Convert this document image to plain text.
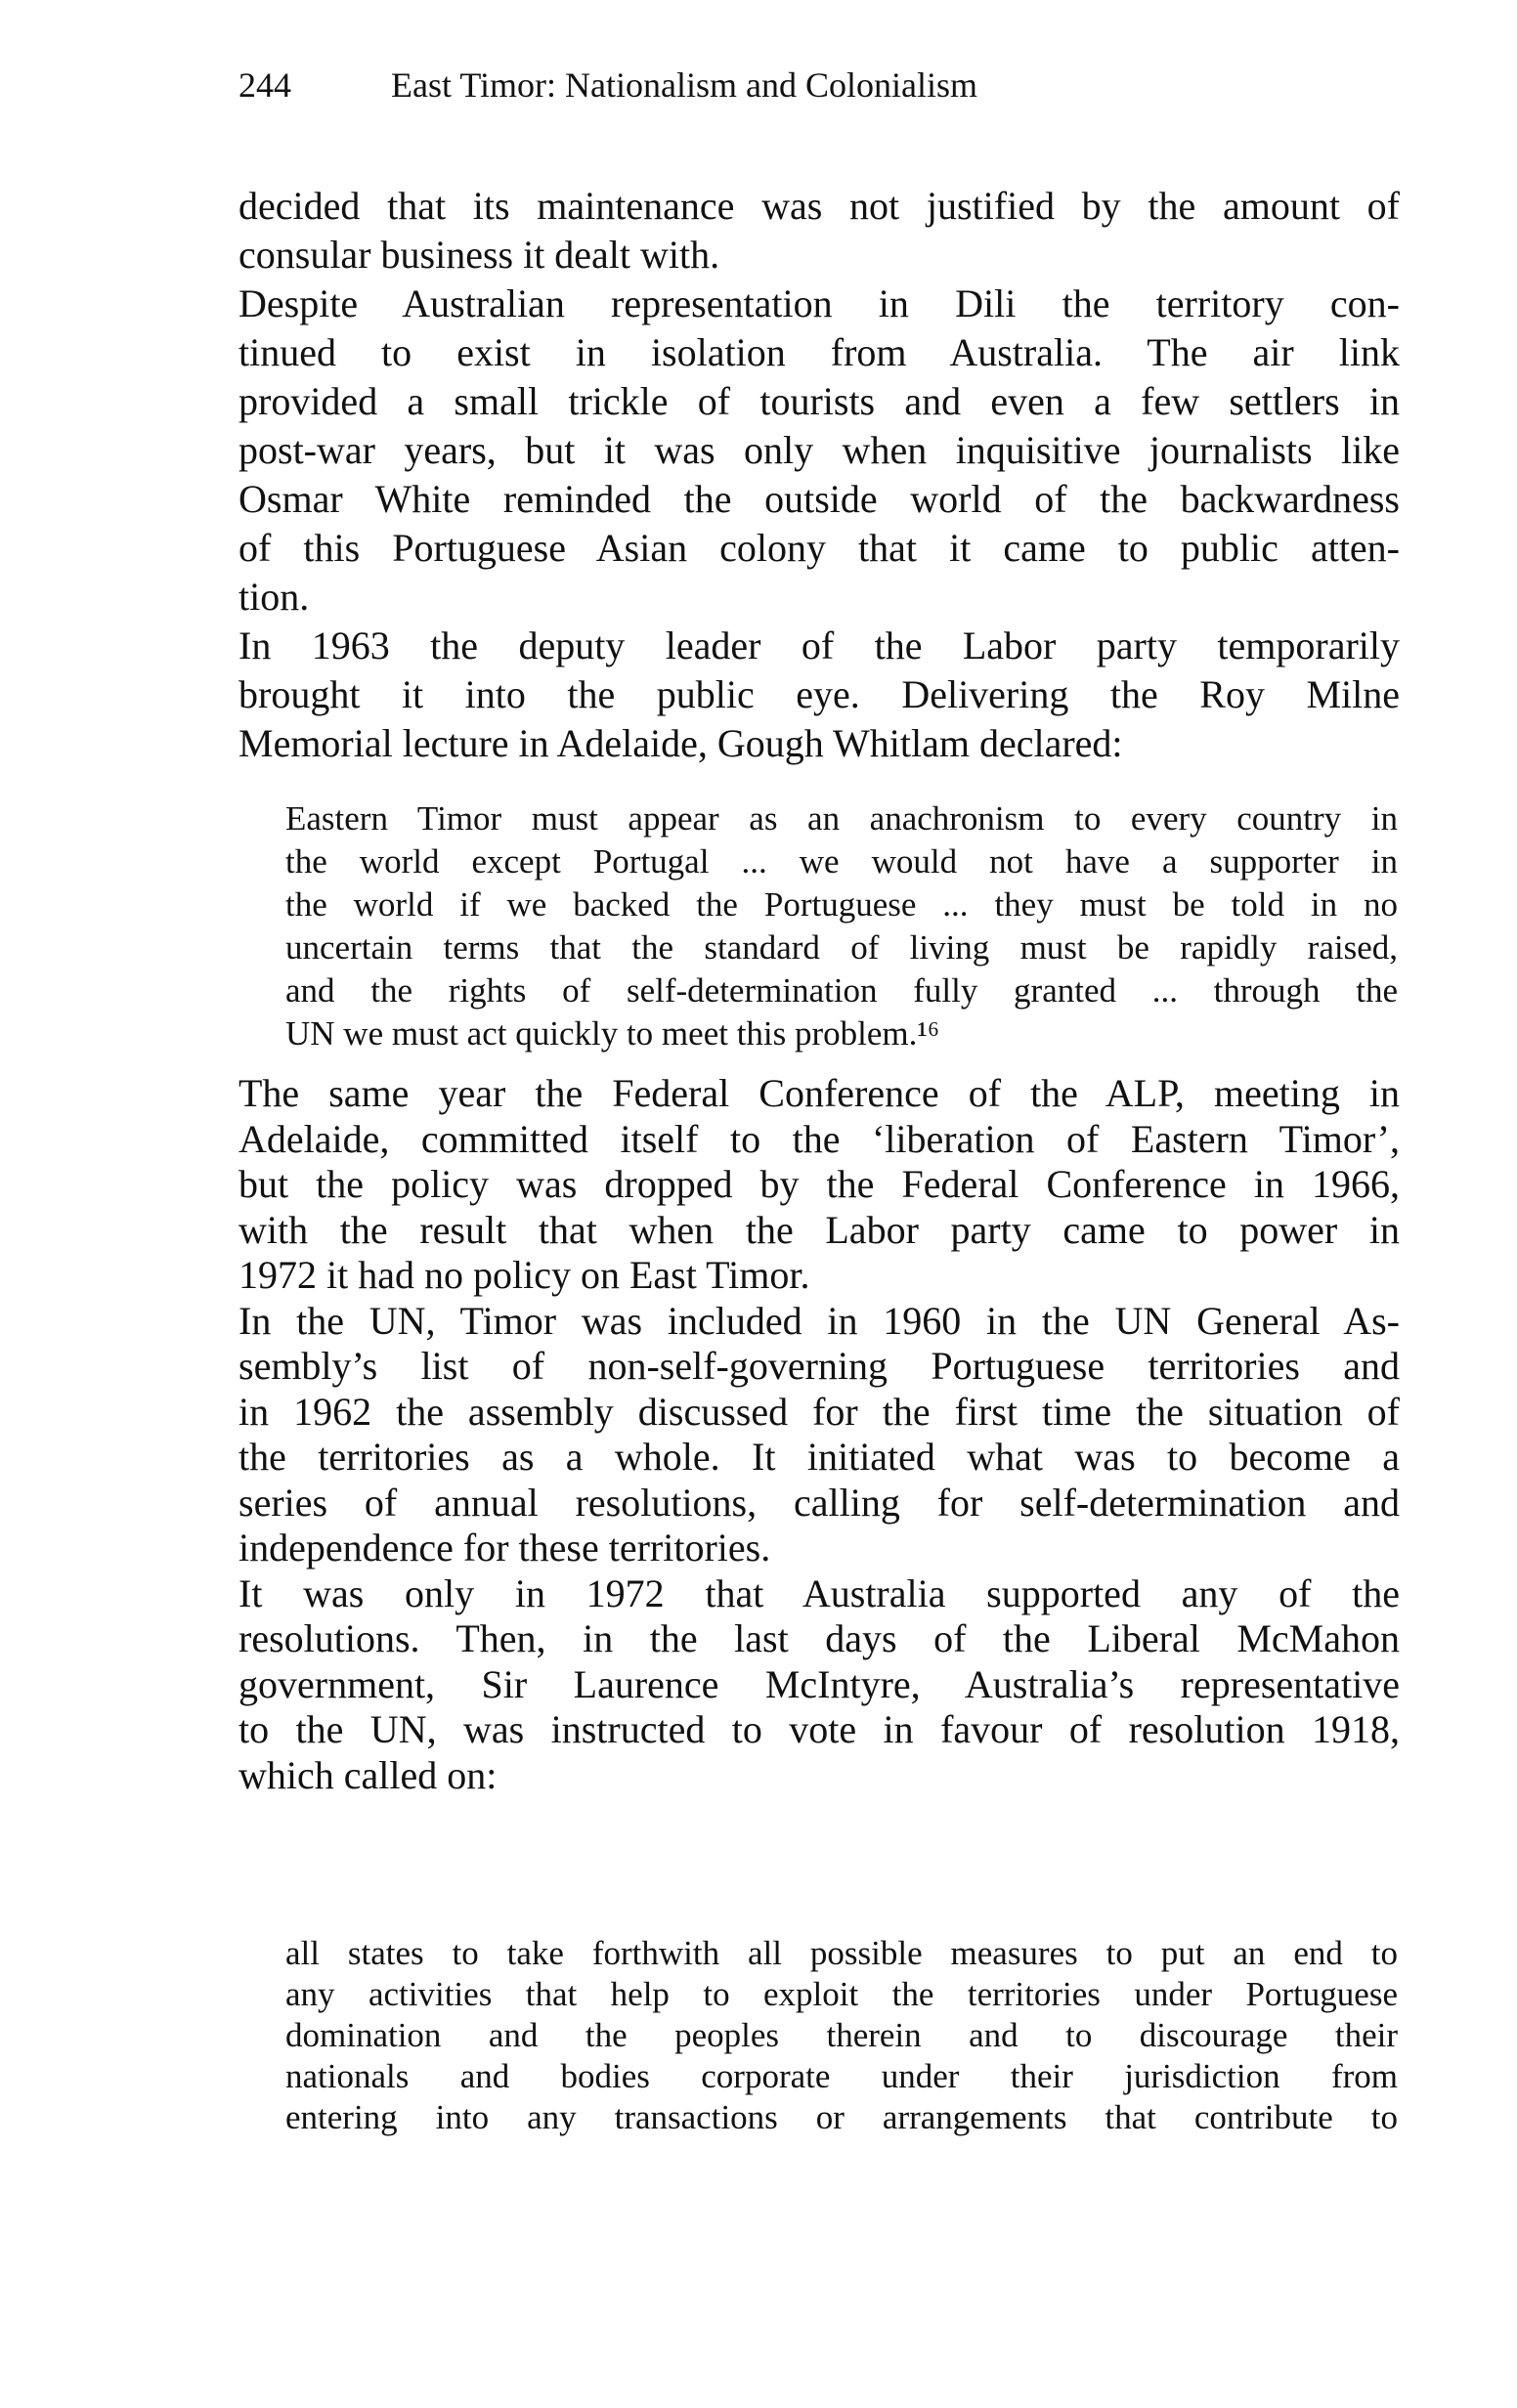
244	East Timor: Nationalism and Colonialism
decided that its maintenance was not justified by the amount of
consular business it dealt with.
Despite Australian representation in Dili the territory con-
tinued to exist in isolation from Australia. The air link
provided a small trickle of tourists and even a few settlers in
post-war years, but it was only when inquisitive journalists like
Osmar White reminded the outside world of the backwardness
of this Portuguese Asian colony that it came to public atten-
tion.
In 1963 the deputy leader of the Labor party temporarily
brought it into the public eye. Delivering the Roy Milne
Memorial lecture in Adelaide, Gough Whitlam declared:
Eastern Timor must appear as an anachronism to every country in
the world except Portugal ... we would not have a supporter in
the world if we backed the Portuguese ... they must be told in no
uncertain terms that the standard of living must be rapidly raised,
and the rights of self-determination fully granted ... through the
UN we must act quickly to meet this problem.¹⁶
The same year the Federal Conference of the ALP, meeting in
Adelaide, committed itself to the ‘liberation of Eastern Timor’,
but the policy was dropped by the Federal Conference in 1966,
with the result that when the Labor party came to power in
1972 it had no policy on East Timor.
In the UN, Timor was included in 1960 in the UN General As-
sembly’s list of non-self-governing Portuguese territories and
in 1962 the assembly discussed for the first time the situation of
the territories as a whole. It initiated what was to become a
series of annual resolutions, calling for self-determination and
independence for these territories.
It was only in 1972 that Australia supported any of the
resolutions. Then, in the last days of the Liberal McMahon
government, Sir Laurence McIntyre, Australia’s representative
to the UN, was instructed to vote in favour of resolution 1918,
which called on:
all states to take forthwith all possible measures to put an end to
any activities that help to exploit the territories under Portuguese
domination and the peoples therein and to discourage their
nationals and bodies corporate under their jurisdiction from
entering into any transactions or arrangements that contribute to
